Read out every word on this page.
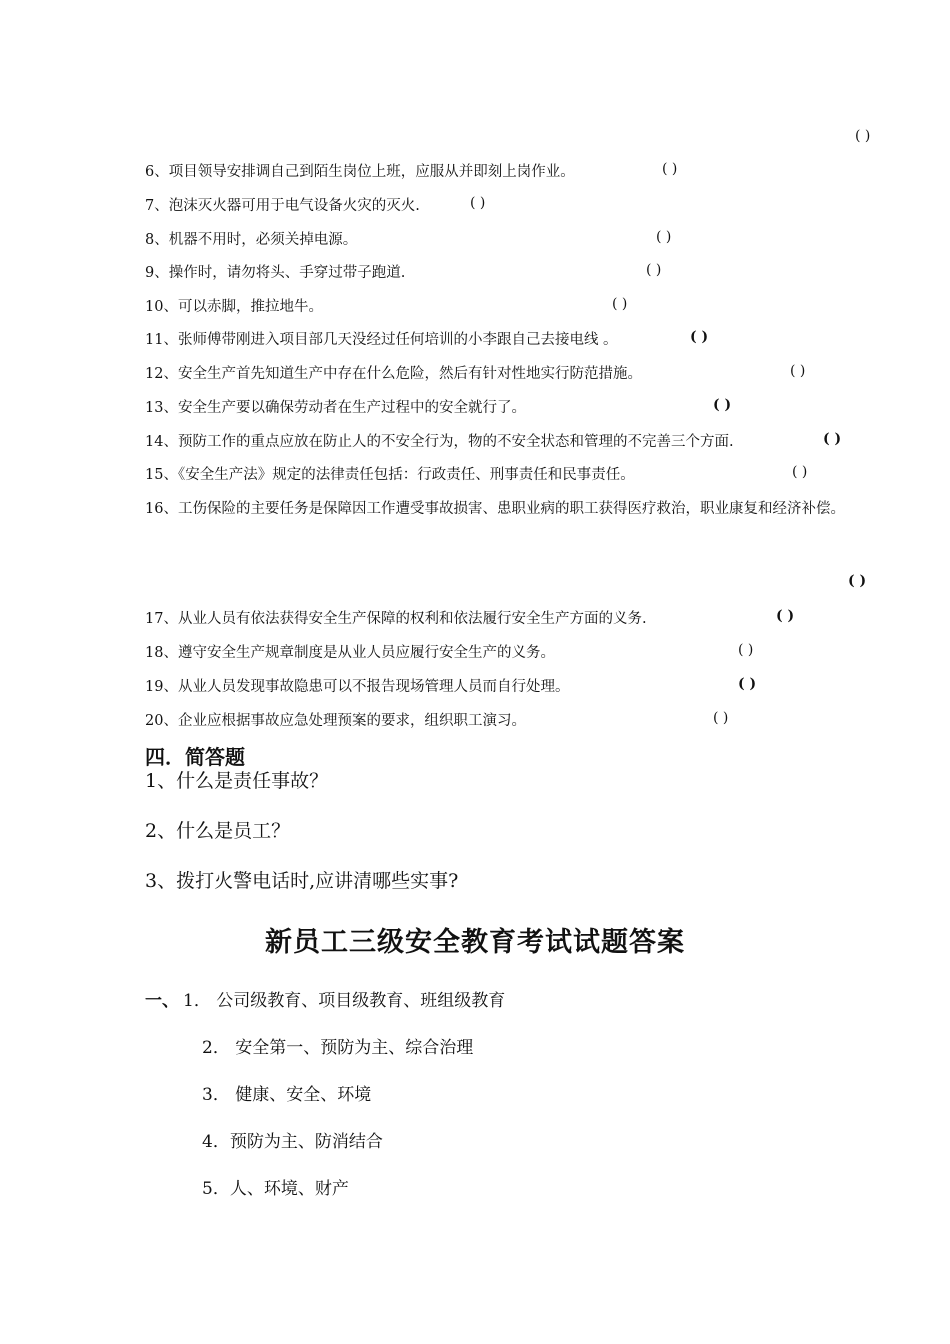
( )
6、项目领导安排调自己到陌生岗位上班，应服从并即刻上岗作业。	( )
7、泡沫灭火器可用于电气设备火灾的灭火.	( )
8、机器不用时，必须关掉电源。	( )
9、操作时，请勿将头、手穿过带子跑道.	( )
10、可以赤脚，推拉地牛。	( )
11、张师傅带刚进入项目部几天没经过任何培训的小李跟自己去接电线 。	( )
12、安全生产首先知道生产中存在什么危险，然后有针对性地实行防范措施。	( )
13、安全生产要以确保劳动者在生产过程中的安全就行了。	( )
14、预防工作的重点应放在防止人的不安全行为，物的不安全状态和管理的不完善三个方面.	( )
15、《安全生产法》规定的法律责任包括：行政责任、刑事责任和民事责任。	( )
16、工伤保险的主要任务是保障因工作遭受事故损害、患职业病的职工获得医疗救治，职业康复和经济补偿。
( )
17、从业人员有依法获得安全生产保障的权利和依法履行安全生产方面的义务.	( )
18、遵守安全生产规章制度是从业人员应履行安全生产的义务。	( )
19、从业人员发现事故隐患可以不报告现场管理人员而自行处理。	( )
20、企业应根据事故应急处理预案的要求，组织职工演习。	( )
四．简答题
1、什么是责任事故？
2、什么是员工？
3、拨打火警电话时,应讲清哪些实事?
新员工三级安全教育考试试题答案
一、 1． 公司级教育、项目级教育、班组级教育
2． 安全第一、预防为主、综合治理
3． 健康、安全、环境
4．预防为主、防消结合
5．人、环境、财产
